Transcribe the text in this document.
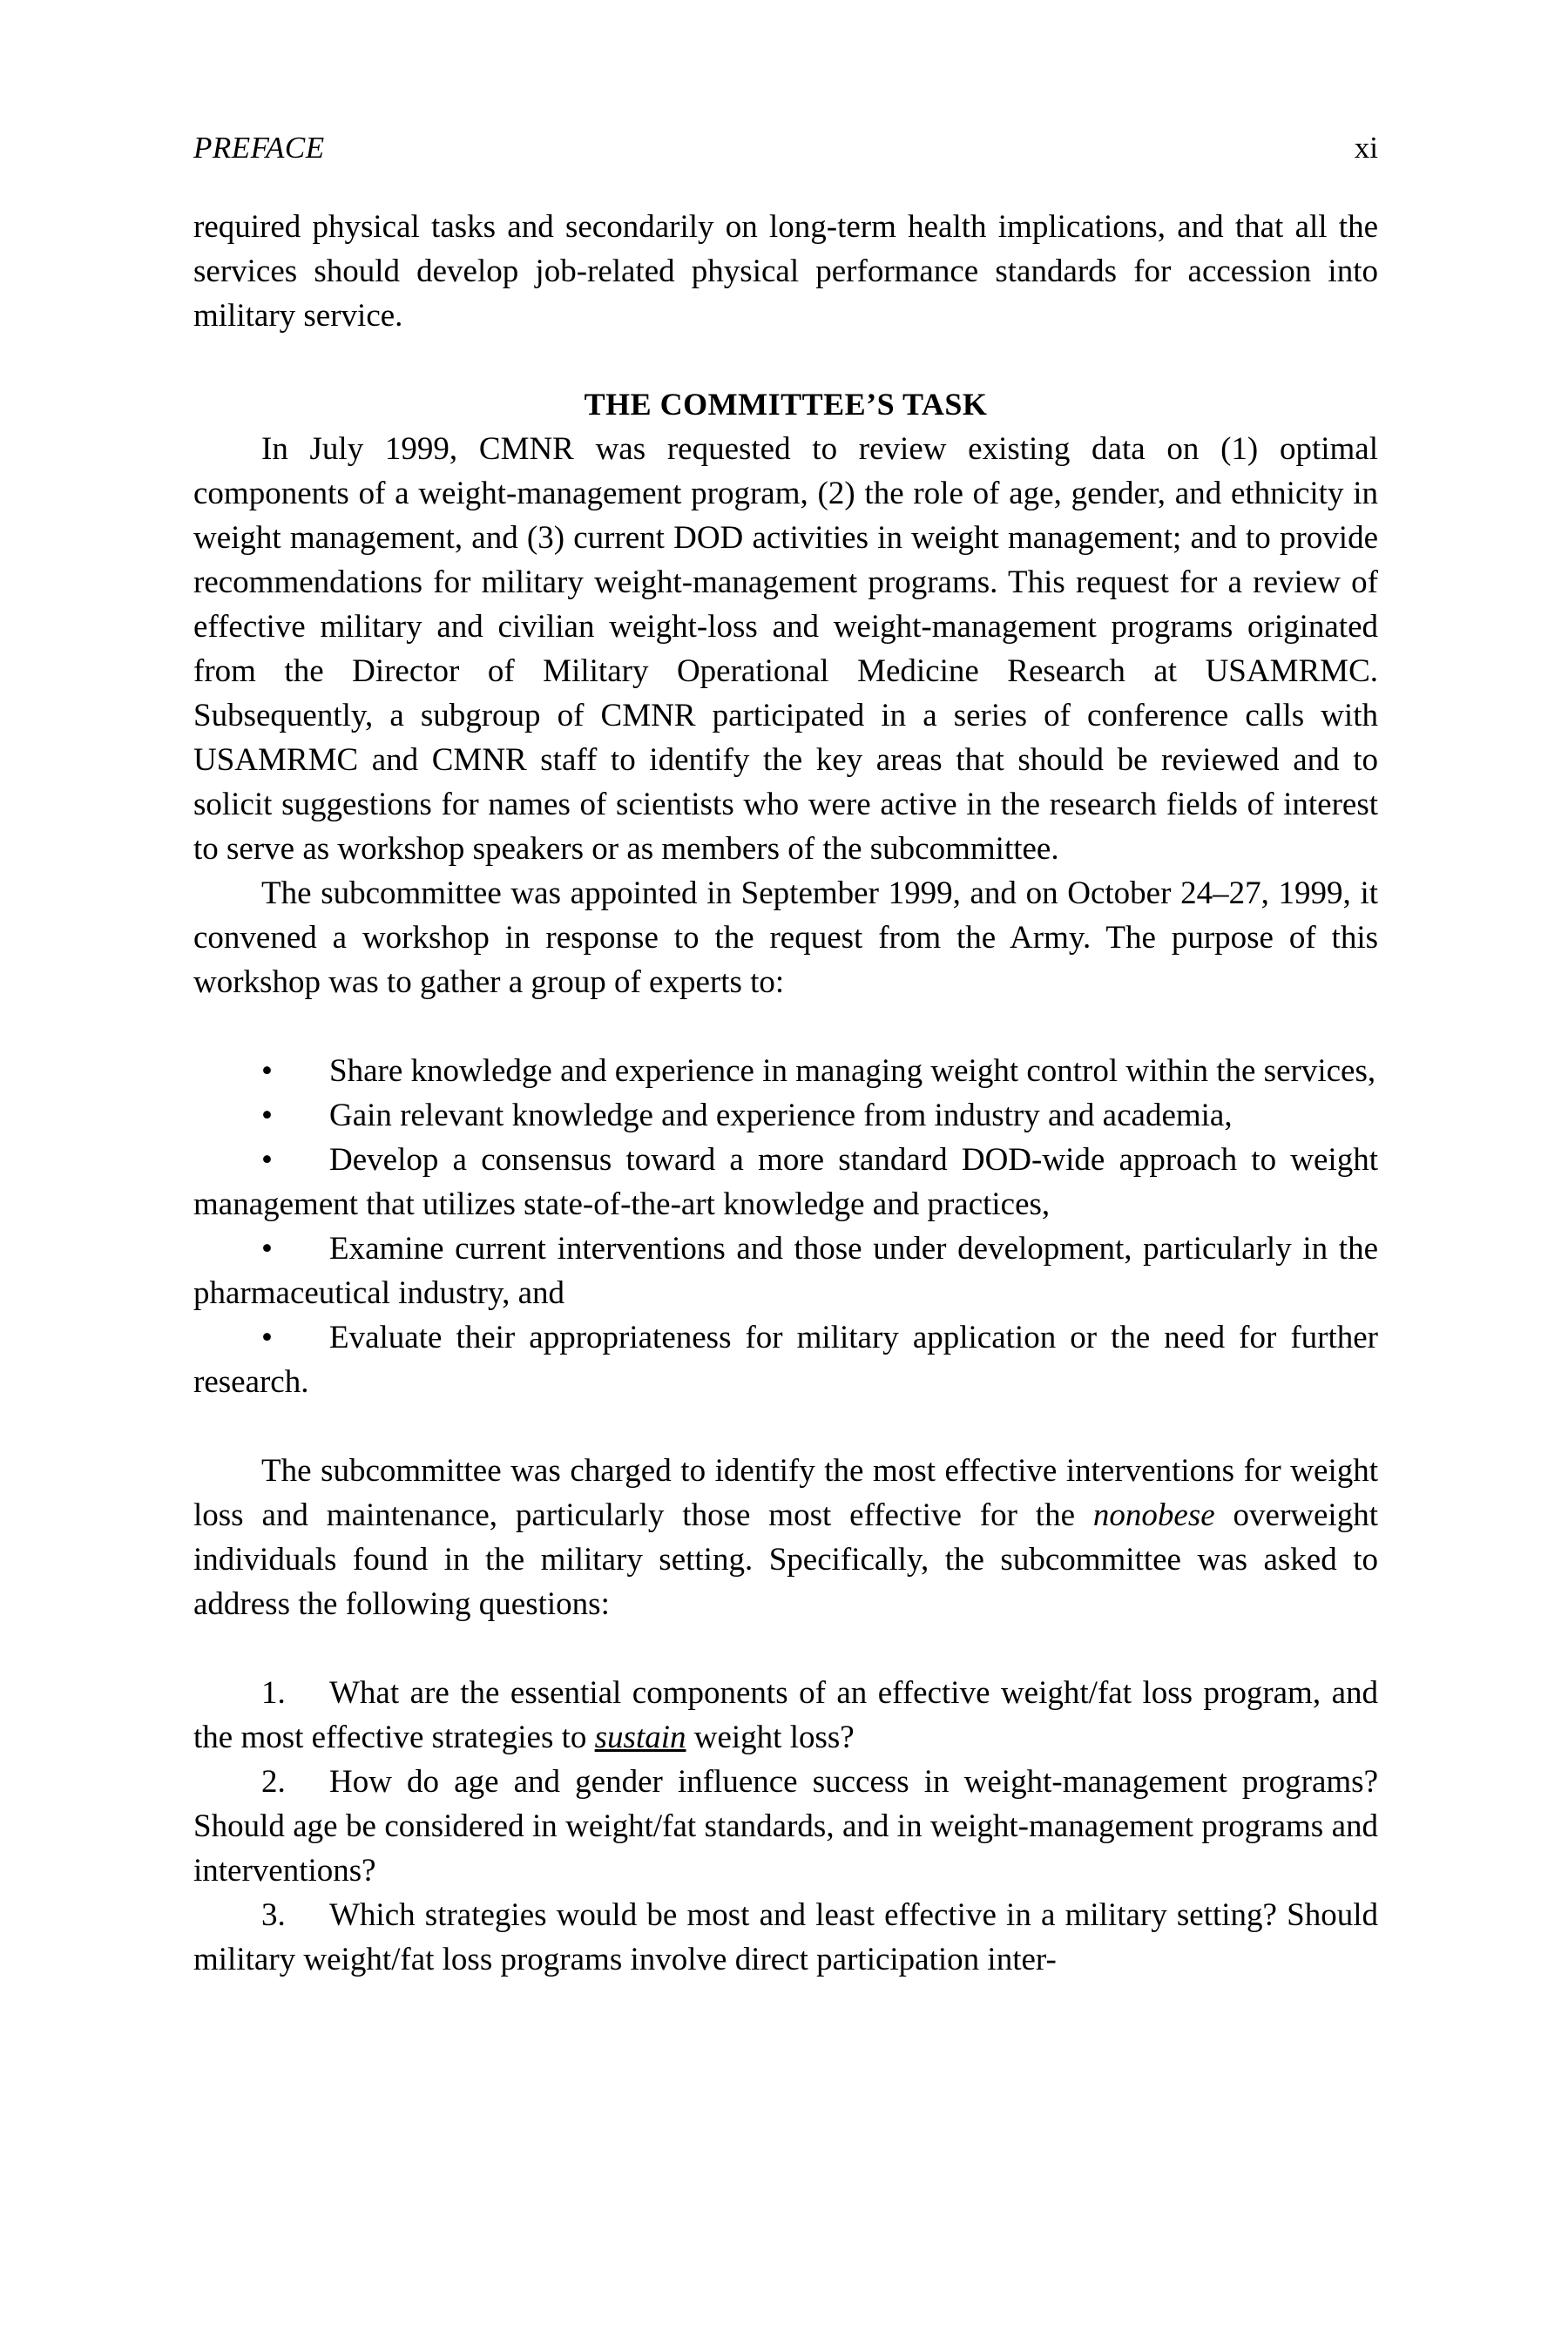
PREFACE	xi

required physical tasks and secondarily on long-term health implications, and that all the services should develop job-related physical performance standards for accession into military service.

THE COMMITTEE’S TASK

In July 1999, CMNR was requested to review existing data on (1) optimal components of a weight-management program, (2) the role of age, gender, and ethnicity in weight management, and (3) current DOD activities in weight management; and to provide recommendations for military weight-management programs. This request for a review of effective military and civilian weight-loss and weight-management programs originated from the Director of Military Operational Medicine Research at USAMRMC. Subsequently, a subgroup of CMNR participated in a series of conference calls with USAMRMC and CMNR staff to identify the key areas that should be reviewed and to solicit suggestions for names of scientists who were active in the research fields of interest to serve as workshop speakers or as members of the subcommittee.

The subcommittee was appointed in September 1999, and on October 24–27, 1999, it convened a workshop in response to the request from the Army. The purpose of this workshop was to gather a group of experts to:

• Share knowledge and experience in managing weight control within the services,

• Gain relevant knowledge and experience from industry and academia,

• Develop a consensus toward a more standard DOD-wide approach to weight management that utilizes state-of-the-art knowledge and practices,

• Examine current interventions and those under development, particularly in the pharmaceutical industry, and

• Evaluate their appropriateness for military application or the need for further research.

The subcommittee was charged to identify the most effective interventions for weight loss and maintenance, particularly those most effective for the nonobese overweight individuals found in the military setting. Specifically, the subcommittee was asked to address the following questions:

1. What are the essential components of an effective weight/fat loss program, and the most effective strategies to sustain weight loss?

2. How do age and gender influence success in weight-management programs? Should age be considered in weight/fat standards, and in weight-management programs and interventions?

3. Which strategies would be most and least effective in a military setting? Should military weight/fat loss programs involve direct participation inter-
